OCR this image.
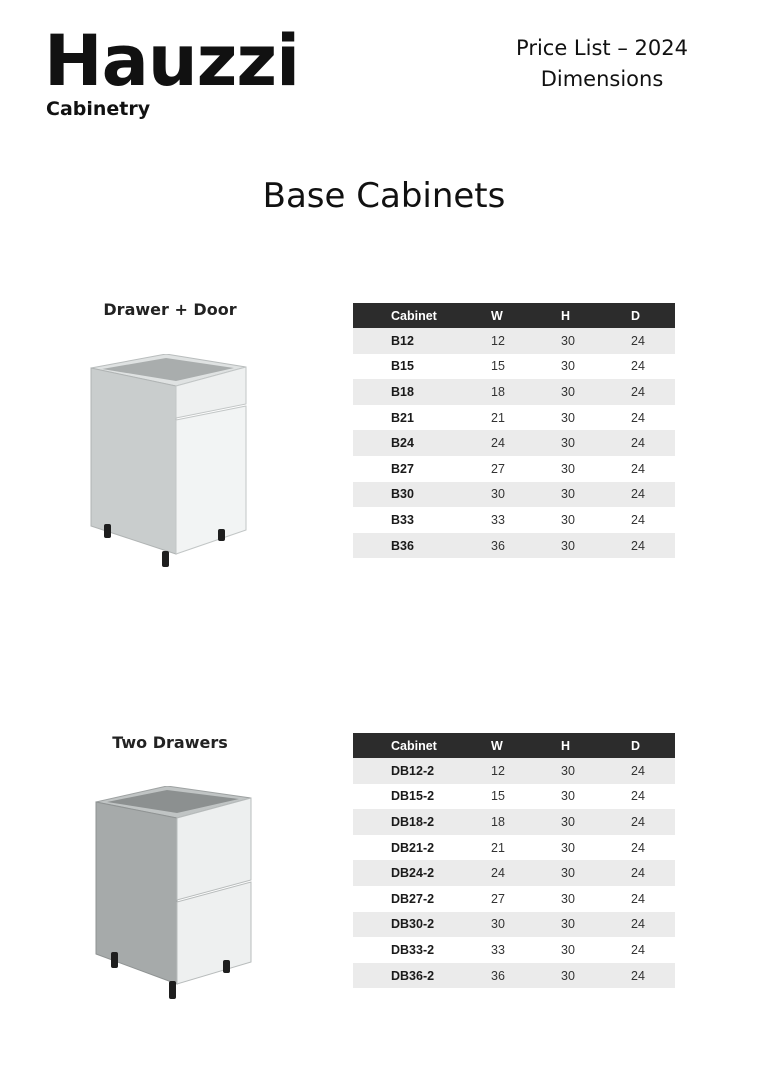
Hauzzi
Cabinetry
Price List – 2024
Dimensions
Base Cabinets
Drawer + Door	Cabinet	W	H	D
B12	12	30	24
B15	15	30	24
B18	18	30	24
B21	21	30	24
B24	24	30	24
B27	27	30	24
B30	30	30	24
B33	33	30	24
B36	36	30	24
Two Drawers	Cabinet	W	H	D
DB12-2	12	30	24
DB15-2	15	30	24
DB18-2	18	30	24
DB21-2	21	30	24
DB24-2	24	30	24
DB27-2	27	30	24
DB30-2	30	30	24
DB33-2	33	30	24
DB36-2	36	30	24
